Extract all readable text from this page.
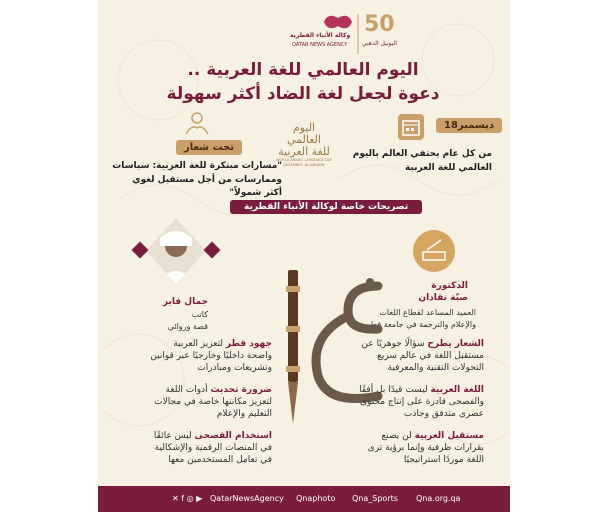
50
اليوبيل الذهبي
وكالة الأنباء القطرية
QATAR NEWS AGENCY
اليوم العالمي للغة العربية ..
دعوة لجعل لغة الضاد أكثر سهولة
18ديسمبر
من كل عام يحتفي العالم باليوم
العالمي للغة العربية
تحت شعار
"مسارات مبتكرة للغة العربية: سياسات
وممارسات من أجل مستقبل لغوي أكثر شمولاً"
اليوم
العالمي
للغة العربية
WORLD ARABIC LANGUAGE DAY
DECEMBER 18 JANUARY
تصريحات خاصة لوكالة الأنباء القطرية
الدكتورة
صبّة نقادان
العميد المساعد لقطاع اللغات
والإعلام والترجمة في جامعة قطر
جمال فايز
كاتب
قصة وروائي
الشعار يطرح سؤالًا جوهريًا عن
مستقبل اللغة في عالم سريع
التحولات التقنية والمعرفية
اللغة العربية ليست قيدًا بل أفقًا
والفصحى قادرة على إنتاج محتوى
عصري متدفق وجاذب
مستقبل العربية لن يصنع
بقرارات ظرفية وإنما برؤية ترى
اللغة موردًا استراتيجيًا
جهود قطر لتعزيز العربية
واضحة داخليًا وخارجيًا عبر قوانين
وتشريعات ومبادرات
ضرورة تحديث أدوات اللغة
لتعزيز مكانتها خاصة في مجالات
التعليم والإعلام
استخدام الفصحى ليس عائقًا
في المنصات الرقمية والإشكالية
في تعامل المستخدمين معها
✕ f ◎ ▶ QatarNewsAgency Qnaphoto Qna_Sports Qna.org.qa
